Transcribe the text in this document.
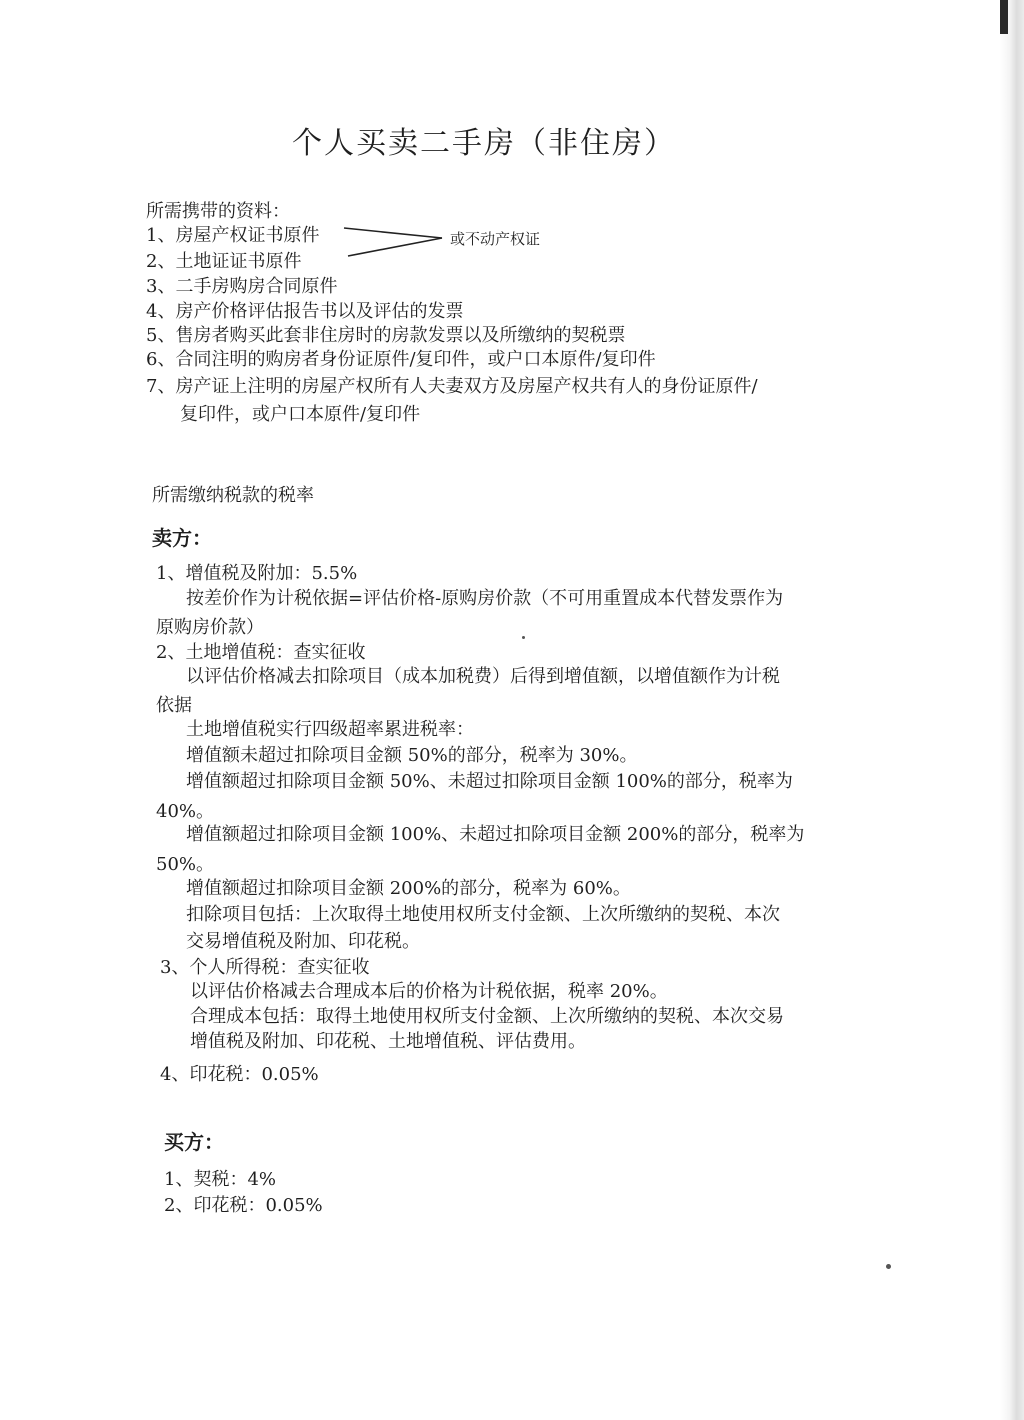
个人买卖二手房（非住房）
所需携带的资料：
1、房屋产权证书原件
2、土地证证书原件
3、二手房购房合同原件
4、房产价格评估报告书以及评估的发票
5、售房者购买此套非住房时的房款发票以及所缴纳的契税票
6、合同注明的购房者身份证原件/复印件，或户口本原件/复印件
7、房产证上注明的房屋产权所有人夫妻双方及房屋产权共有人的身份证原件/
复印件，或户口本原件/复印件
或不动产权证
所需缴纳税款的税率
卖方：
1、增值税及附加：5.5%
按差价作为计税依据=评估价格-原购房价款（不可用重置成本代替发票作为
原购房价款）
2、土地增值税：查实征收
以评估价格减去扣除项目（成本加税费）后得到增值额，以增值额作为计税
依据
土地增值税实行四级超率累进税率：
增值额未超过扣除项目金额 50%的部分，税率为 30%。
增值额超过扣除项目金额 50%、未超过扣除项目金额 100%的部分，税率为
40%。
增值额超过扣除项目金额 100%、未超过扣除项目金额 200%的部分，税率为
50%。
增值额超过扣除项目金额 200%的部分，税率为 60%。
扣除项目包括：上次取得土地使用权所支付金额、上次所缴纳的契税、本次
交易增值税及附加、印花税。
3、个人所得税：查实征收
以评估价格减去合理成本后的价格为计税依据，税率 20%。
合理成本包括：取得土地使用权所支付金额、上次所缴纳的契税、本次交易
增值税及附加、印花税、土地增值税、评估费用。
4、印花税：0.05%
买方：
1、契税：4%
2、印花税：0.05%
